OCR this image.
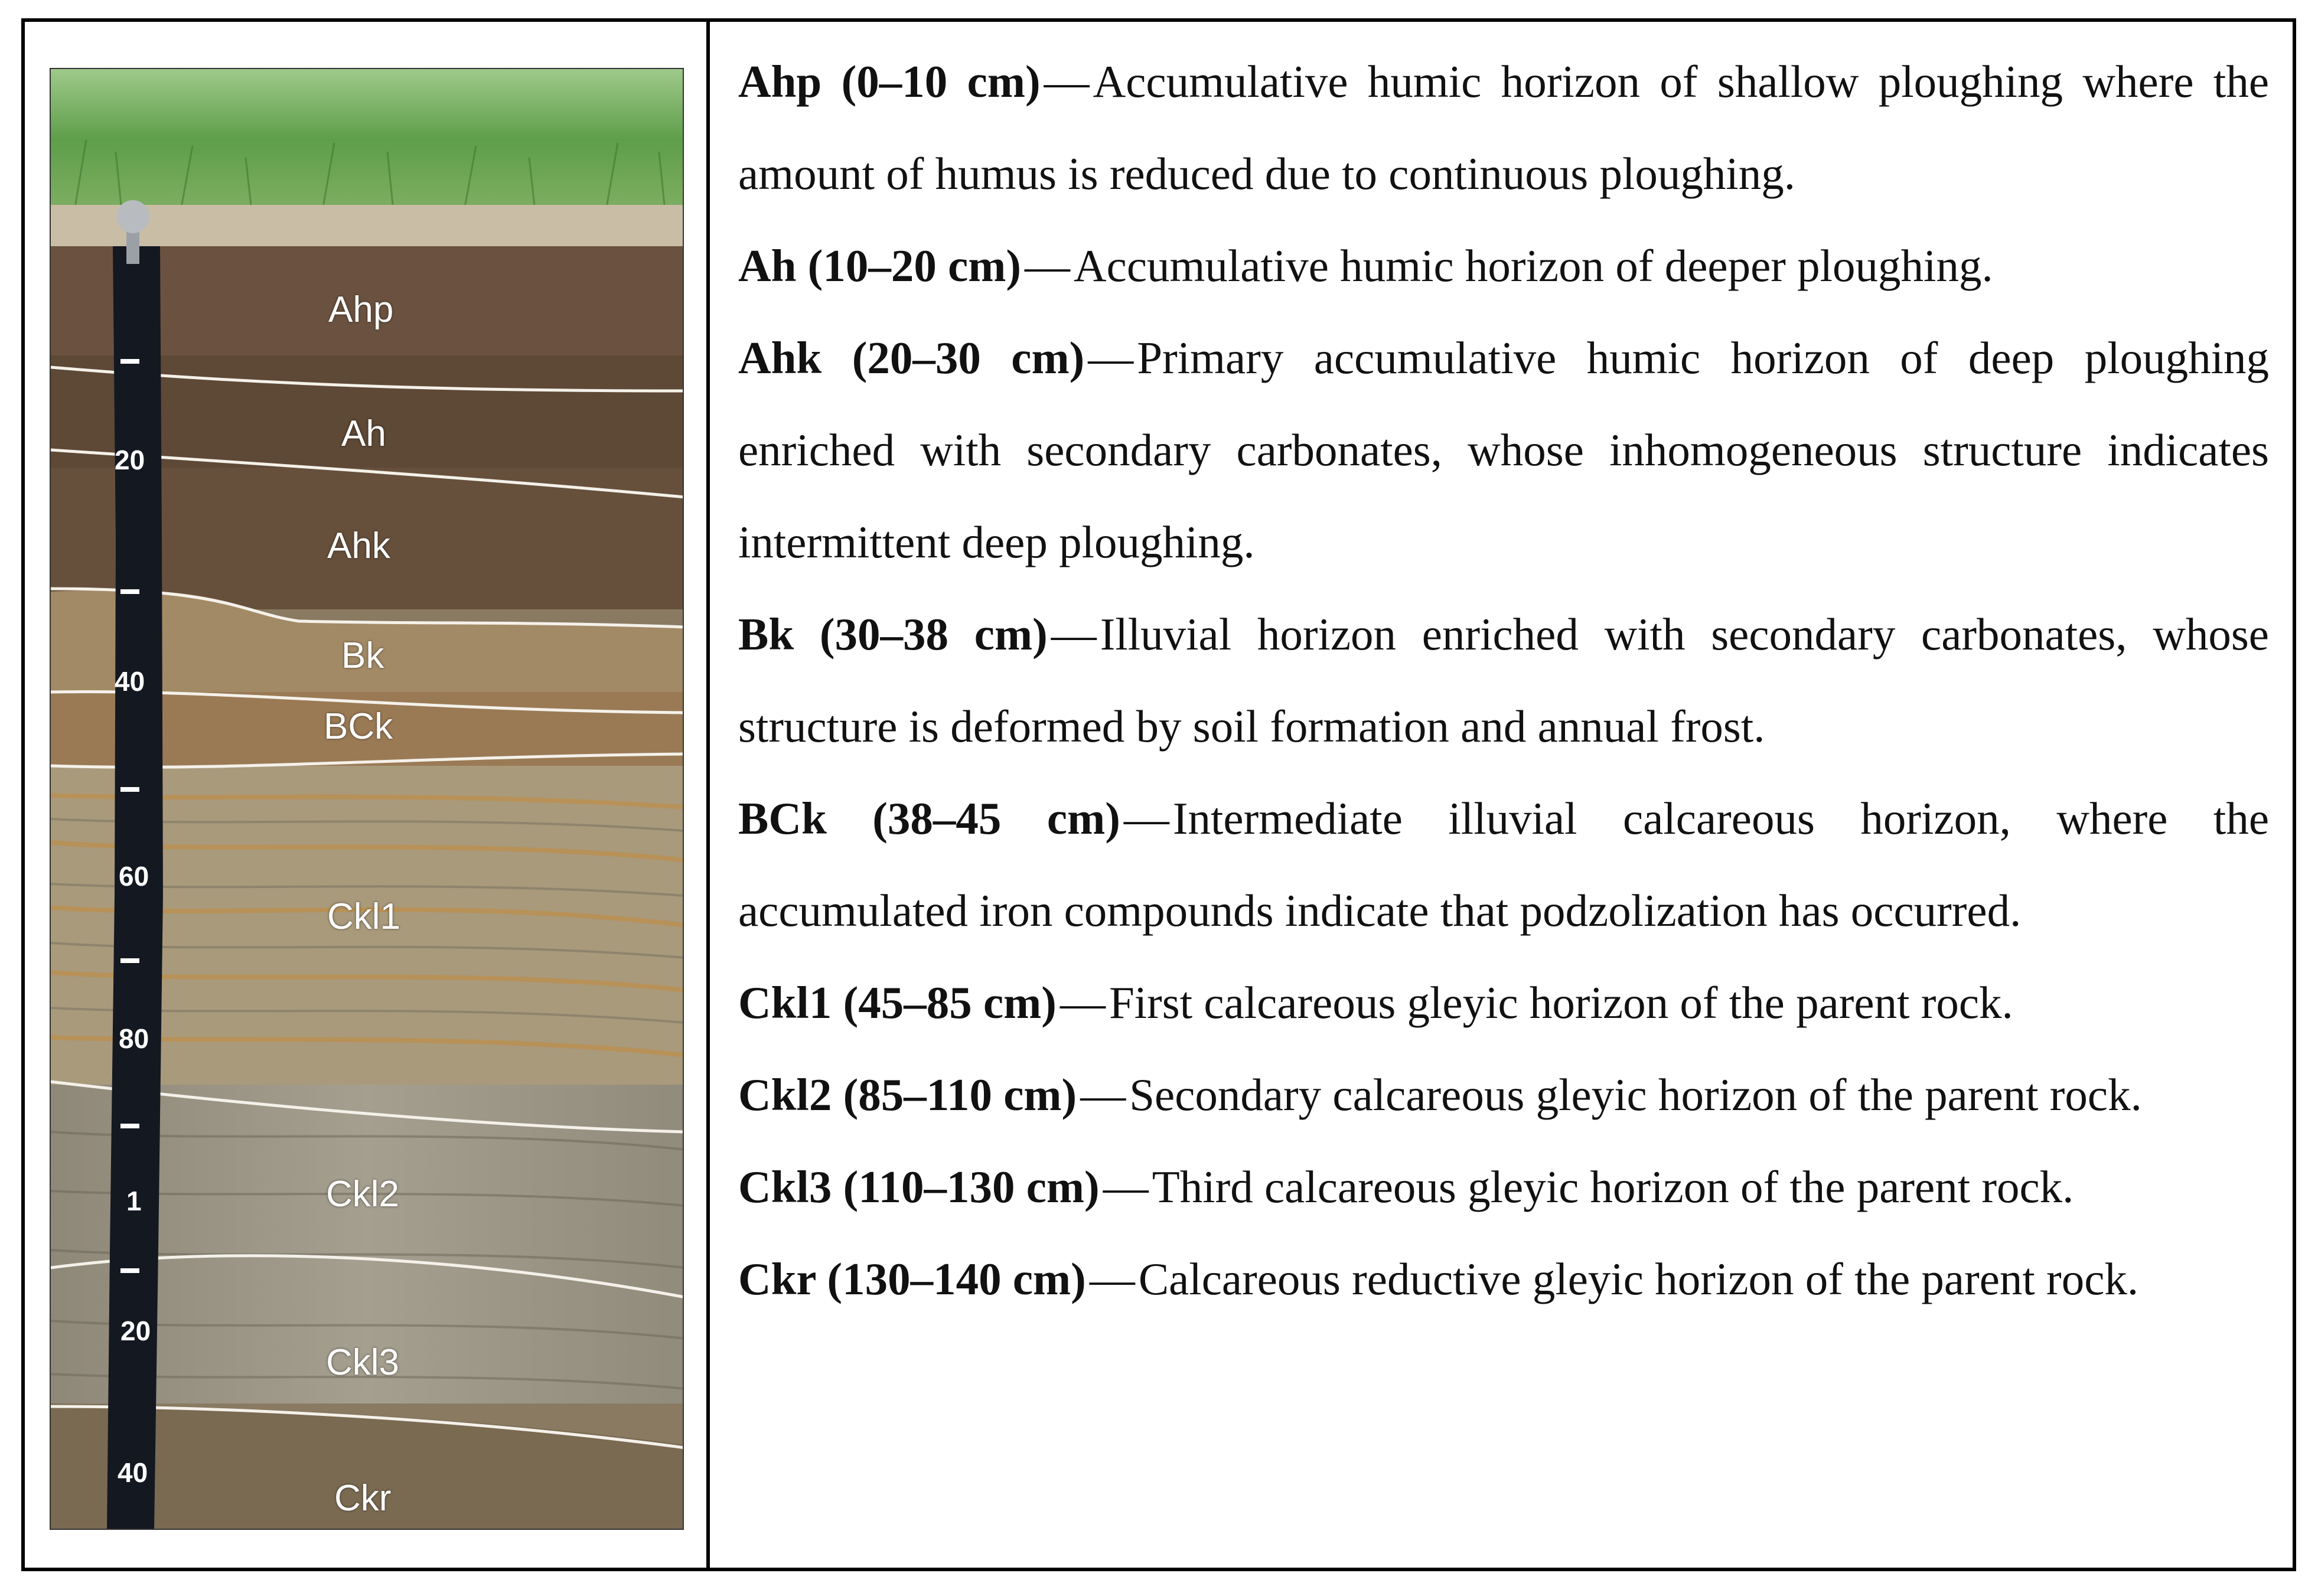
20
40
60
80
1
20
40
Ahp
Ah
Ahk
Bk
BCk
Ckl1
Ckl2
Ckl3
Ckr

Ahp (0–10 cm)—Accumulative humic horizon of shallow ploughing where the amount of humus is reduced due to continuous ploughing.

Ah (10–20 cm)—Accumulative humic horizon of deeper ploughing.

Ahk (20–30 cm)—Primary accumulative humic horizon of deep ploughing enriched with secondary carbonates, whose inhomogeneous structure indicates intermittent deep ploughing.

Bk (30–38 cm)—Illuvial horizon enriched with secondary carbonates, whose structure is deformed by soil formation and annual frost.

BCk (38–45 cm)—Intermediate illuvial calcareous horizon, where the accumulated iron compounds indicate that podzolization has occurred.

Ckl1 (45–85 cm)—First calcareous gleyic horizon of the parent rock.

Ckl2 (85–110 cm)—Secondary calcareous gleyic horizon of the parent rock.

Ckl3 (110–130 cm)—Third calcareous gleyic horizon of the parent rock.

Ckr (130–140 cm)—Calcareous reductive gleyic horizon of the parent rock.
